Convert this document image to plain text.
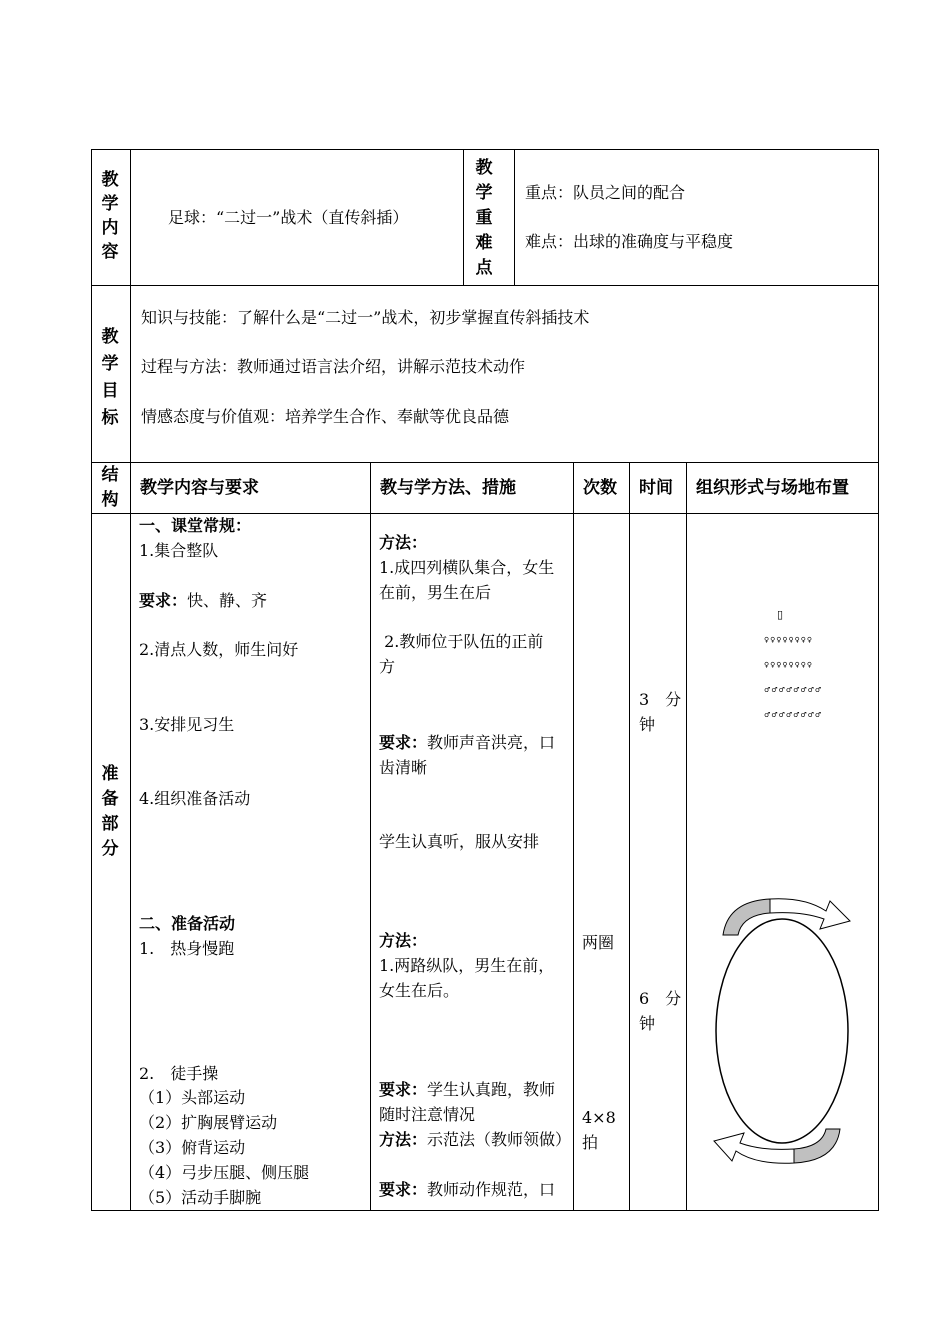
教学内容
足球：“二过一”战术（直传斜插）
教学重难点
重点：队员之间的配合
难点：出球的准确度与平稳度
教学目标
知识与技能：了解什么是“二过一”战术，初步掌握直传斜插技术
过程与方法：教师通过语言法介绍，讲解示范技术动作
情感态度与价值观：培养学生合作、奉献等优良品德
结构
教学内容与要求	教与学方法、措施	次数 时间 组织形式与场地布置
准备部分
一、课堂常规：
1.集合整队
要求：快、静、齐
2.清点人数，师生问好
3.安排见习生
4.组织准备活动
二、准备活动
1.　热身慢跑
2.　徒手操
（1）头部运动
（2）扩胸展臂运动
（3）俯背运动
（4）弓步压腿、侧压腿
（5）活动手脚腕
方法：
1.成四列横队集合，女生
在前，男生在后
2.教师位于队伍的正前
方
要求：教师声音洪亮，口
齿清晰
学生认真听，服从安排
方法：
1.两路纵队，男生在前，
女生在后。
要求：学生认真跑，教师
随时注意情况
方法：示范法（教师领做）
要求：教师动作规范，口
两圈
4×8
拍
3　分
钟
6　分
钟
▯
♀♀♀♀♀♀♀♀
♀♀♀♀♀♀♀♀
♂♂♂♂♂♂♂♂
♂♂♂♂♂♂♂♂
